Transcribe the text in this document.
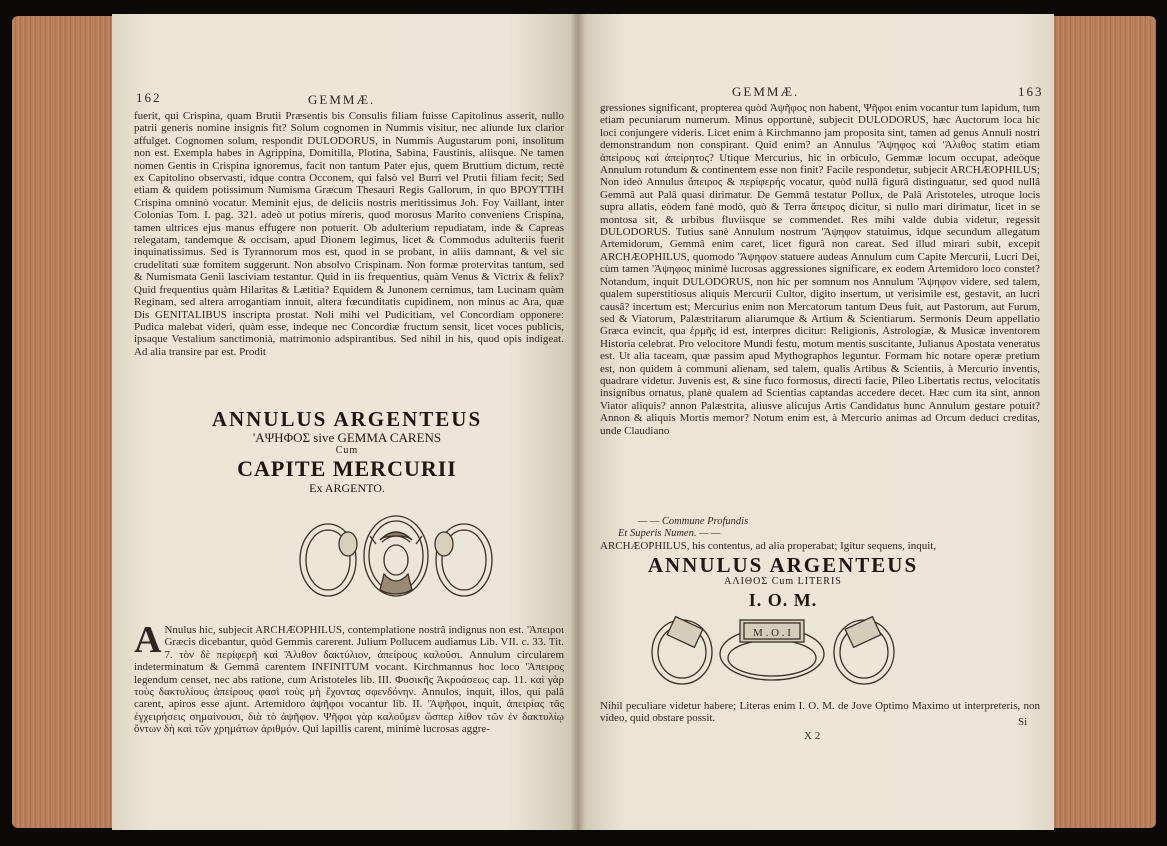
162	GEMMÆ.

fuerit, qui Crispina, quam Brutii Præsentis bis Consulis filiam fuisse Capitolinus asserit, nullo patrii generis nomine insignis fit? Solum cognomen in Nummis visitur, nec aliunde lux clarior affulget. Cognomen solum, respondit DULODORUS, in Nummis Augustarum poni, insolitum non est. Exempla habes in Agrippina, Domitilla, Plotina, Sabina, Faustinis, aliisque. Ne tamen nomen Gentis in Crispina ignoremus, facit non tantum Pater ejus, quem Bruttium dictum, rectè ex Capitolino observasti, idque contra Occonem, qui falsò vel Burri vel Prutii filiam fecit; Sed etiam & quidem potissimum Numisma Græcum Thesauri Regis Gallorum, in quo ΒΡΟΥΤΤΙΗ Crispina omninò vocatur. Meminit ejus, de deliciis nostris meritissimus Joh. Foy Vaillant, inter Colonias Tom. I. pag. 321. adeò ut potius mireris, quod morosus Marito conveniens Crispina, tamen ultrices ejus manus effugere non potuerit. Ob adulterium repudiatam, inde & Capreas relegatam, tandemque & occisam, apud Dionem legimus, licet & Commodus adulteriis fuerit inquinatissimus. Sed is Tyrannorum mos est, quod in se probant, in aliis damnant, & vel sic crudelitati suæ fomitem suggerunt. Non absolvo Crispinam. Non formæ protervitas tantum, sed & Numismata Genii lasciviam testantur. Quid in iis frequentius, quàm Venus & Victrix & felix? Quid frequentius quàm Hilaritas & Lætitia? Equidem & Junonem cernimus, tam Lucinam quàm Reginam, sed altera arrogantiam innuit, altera fœcunditatis cupidinem, non minus ac Ara, quæ Dis GENITALIBUS inscripta prostat. Noli mihi vel Pudicitiam, vel Concordiam opponere: Pudica malebat videri, quàm esse, indeque nec Concordiæ fructum sensit, licet voces publicis, ipsaque Vestalium sanctimonià, matrimonio adspirantibus. Sed nihil in his, quod opis indigeat. Ad alia transire par est. Prodit

ANNULUS ARGENTEUS
'ΑΨΗΦΟΣ sive GEMMA CARENS
Cum
CAPITE MERCURII
Ex ARGENTO.
A Nnulus hic, subjecit ARCHÆOPHILUS, contemplatione nostrâ indignus non est. 'Άπειροι Græcis dicebantur, quòd Gemmis carerent. Julium Pollucem audiamus Lib. VII. c. 33. Tit. 7. τὸν δὲ περίφερῆ καὶ Ἄλιθον δακτύλιον, ἀπείρους καλοῦσι. Annulum circularem indeterminatum & Gemmâ carentem INFINITUM vocant. Kirchmannus hoc loco 'Άπειρος legendum censet, nec abs ratione, cum Aristoteles lib. III. Φυσικῆς Ἀκροάσεως cap. 11. καὶ γὰρ τοὺς δακτυλίους ἀπείρους φασὶ τοὺς μὴ ἔχοντας σφενδόνην. Annulos, inquit, illos, qui palâ carent, apiros esse ajunt. Artemidoro ἀψῆφοι vocantur lib. II. 'Άψῆφοι, inquit, ἀπειρίας τᾶς ἐγχειρήσεις σημαίνουσι, διὰ τὸ ἀψῆφον. Ψῆφοι γὰρ καλοῦμεν ὥσπερ λίθον τῶν ἐν δακτυλίῳ ὄντων δὴ καὶ τῶν χρημάτων ἀριθμόν. Qui lapillis carent, minimè lucrosas aggre-

GEMMÆ.	163

gressiones significant, propterea quòd Ἀψῆφος non habent, Ψῆφοι enim vocantur tum lapidum, tum etiam pecuniarum numerum. Minus opportunè, subjecit DULODORUS, hæc Auctorum loca hic loci conjungere videris. Licet enim à Kirchmanno jam proposita sint, tamen ad genus Annuli nostri demonstrandum non conspirant. Quid enim? an Annulus 'Άψηφος καὶ 'Άλιθος statim etiam ἀπείρους καὶ ἀπείρητος? Utique Mercurius, hic in orbiculo, Gemmæ locum occupat, adeòque Annulum rotundum & continentem esse non finit? Facile respondetur, subjecit ARCHÆOPHILUS; Non ideò Annulus ἄπειρος & περίφερής vocatur, quòd nullâ figurâ distinguatur, sed quod nullâ Gemmâ aut Palâ quasi dirimatur. De Gemmâ testatur Pollux, de Palâ Aristoteles, utroque locis supra allatis, eòdem fanè modò, quò & Terra ἄπειρος dicitur, si nullo mari dirimatur, licet in se montosa sit, & urbibus fluviisque se commendet. Res mihi valde dubia videtur, regessit DULODORUS. Tutius sanè Annulum nostrum 'Άψηφον statuimus, idque secundum allegatum Artemidorum, Gemmâ enim caret, licet figurâ non careat. Sed illud mirari subit, excepit ARCHÆOPHILUS, quomodo 'Άψηφον statuere audeas Annulum cum Capite Mercurii, Lucri Dei, cùm tamen 'Άψηφος minimè lucrosas aggressiones significare, ex eodem Artemidoro loco constet? Notandum, inquit DULODORUS, non hic per somnum nos Annulum 'Άψηφον videre, sed talem, qualem superstitiosus aliquis Mercurii Cultor, digito insertum, ut verisimile est, gestavit, an lucri causâ? incertum est; Mercurius enim non Mercatorum tantum Deus fuit, aut Pastorum, aut Furum, sed & Viatorum, Palæstritarum aliarumque & Artium & Scientiarum. Sermonis Deum appellatio Græca evincit, qua ἑρμῆς id est, interpres dicitur: Religionis, Astrologiæ, & Musicæ inventorem Historia celebrat. Pro velocitore Mundi festu, motum mentis suscitante, Julianus Apostata veneratus est. Ut alia taceam, quæ passim apud Mythographos leguntur. Formam hic notare operæ pretium est, non quidem à communi alienam, sed talem, qualis Artibus & Scientiis, à Mercurio inventis, quadrare videtur. Juvenis est, & sine fuco formosus, directi facie, Pileo Libertatis rectus, velocitatis insignibus ornatus, planè qualem ad Scientias captandas accedere decet. Hæc cum ita sint, annon Viator aliquis? annon Palæstrita, aliusve alicujus Artis Candidatus hunc Annulum gestare potuit? Annon & aliquis Mortis memor? Notum enim est, à Mercurio animas ad Orcum deduci creditas, unde Claudiano

— — Commune Profundis
Et Superis Numen. — —

ARCHÆOPHILUS, his contentus, ad alia properabat; Igitur sequens, inquit,

ANNULUS ARGENTEUS
ΑΛΙΘΟΣ Cum LITERIS
I. O. M.
M . O . I

Nihil peculiare videtur habere; Literas enim I. O. M. de Jove Optimo Maximo ut interpreteris, non video, quid obstare possit.

X 2
Si
